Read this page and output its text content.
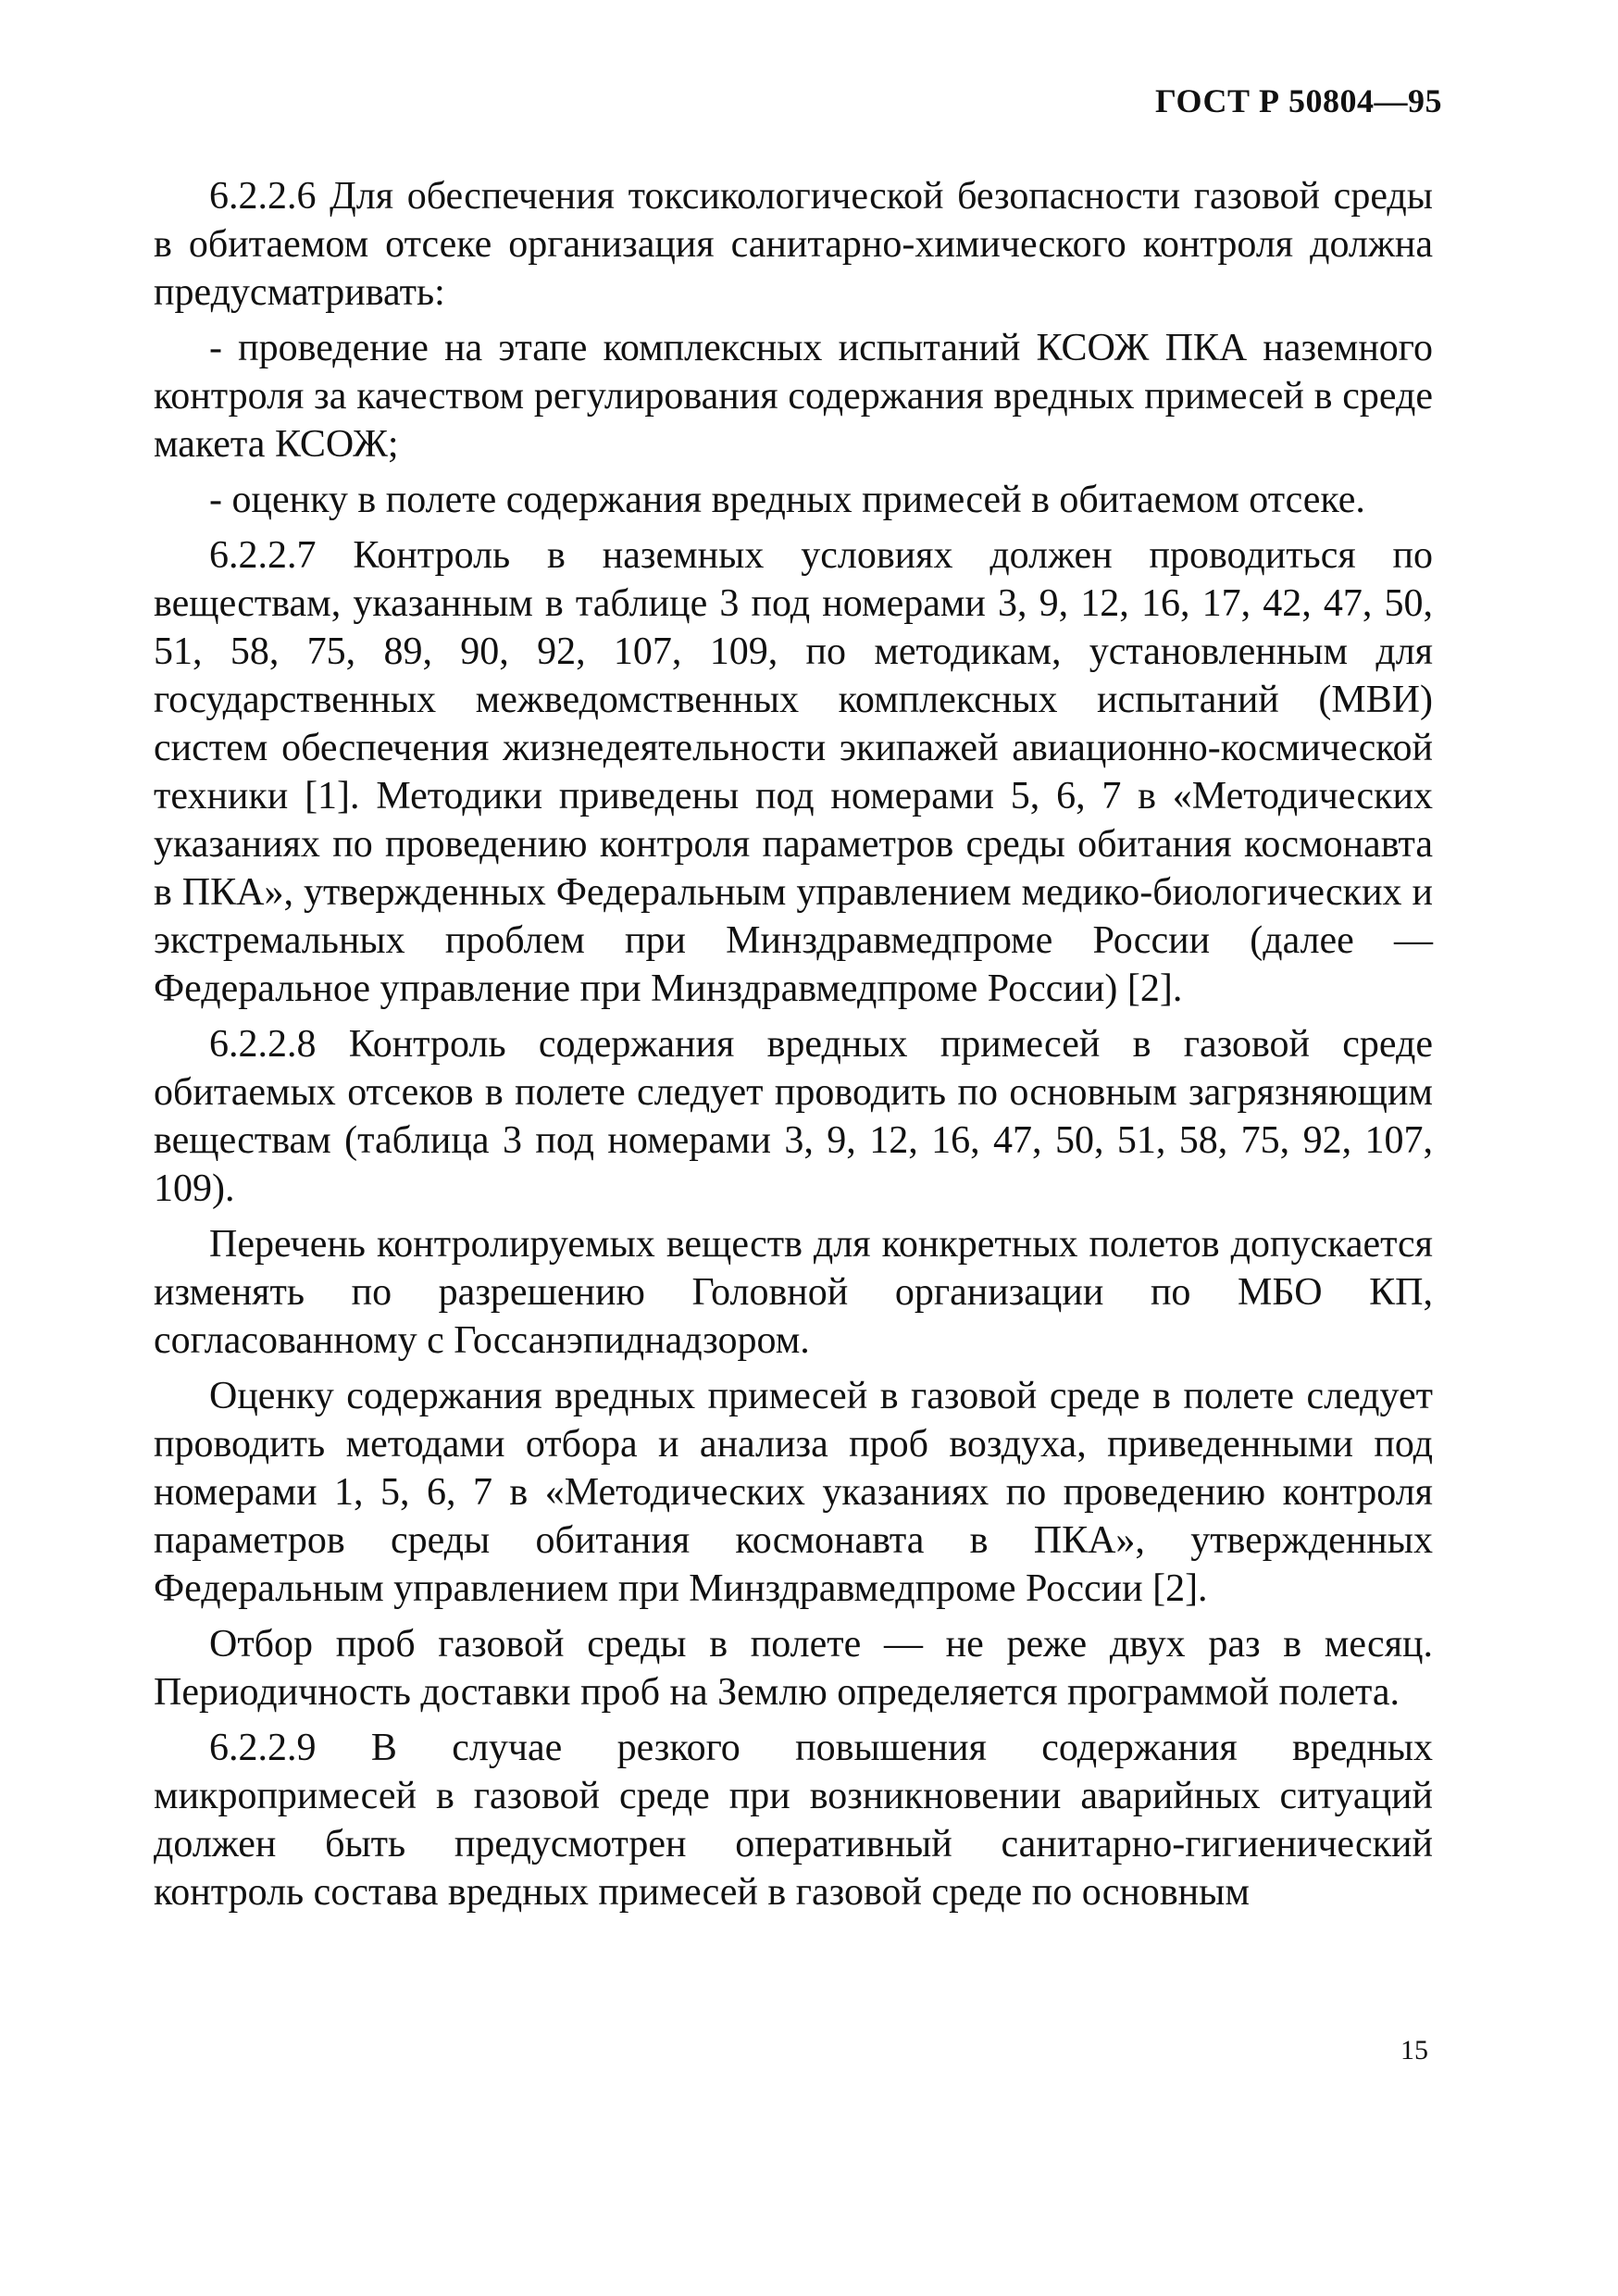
ГОСТ Р 50804—95

6.2.2.6 Для обеспечения токсикологической безопасности газовой среды в обитаемом отсеке организация санитарно-химического контроля должна предусматривать:

- проведение на этапе комплексных испытаний КСОЖ ПКА наземного контроля за качеством регулирования содержания вредных примесей в среде макета КСОЖ;

- оценку в полете содержания вредных примесей в обитаемом отсеке.

6.2.2.7 Контроль в наземных условиях должен проводиться по веществам, указанным в таблице 3 под номерами 3, 9, 12, 16, 17, 42, 47, 50, 51, 58, 75, 89, 90, 92, 107, 109, по методикам, установленным для государственных межведомственных комплексных испытаний (МВИ) систем обеспечения жизнедеятельности экипажей авиационно-космической техники [1]. Методики приведены под номерами 5, 6, 7 в «Методических указаниях по проведению контроля параметров среды обитания космонавта в ПКА», утвержденных Федеральным управлением медико-биологических и экстремальных проблем при Минздравмедпроме России (далее — Федеральное управление при Минздравмедпроме России) [2].

6.2.2.8 Контроль содержания вредных примесей в газовой среде обитаемых отсеков в полете следует проводить по основным загрязняющим веществам (таблица 3 под номерами 3, 9, 12, 16, 47, 50, 51, 58, 75, 92, 107, 109).

Перечень контролируемых веществ для конкретных полетов допускается изменять по разрешению Головной организации по МБО КП, согласованному с Госсанэпиднадзором.

Оценку содержания вредных примесей в газовой среде в полете следует проводить методами отбора и анализа проб воздуха, приведенными под номерами 1, 5, 6, 7 в «Методических указаниях по проведению контроля параметров среды обитания космонавта в ПКА», утвержденных Федеральным управлением при Минздравмедпроме России [2].

Отбор проб газовой среды в полете — не реже двух раз в месяц. Периодичность доставки проб на Землю определяется программой полета.

6.2.2.9 В случае резкого повышения содержания вредных микропримесей в газовой среде при возникновении аварийных ситуаций должен быть предусмотрен оперативный санитарно-гигиенический контроль состава вредных примесей в газовой среде по основным

15
